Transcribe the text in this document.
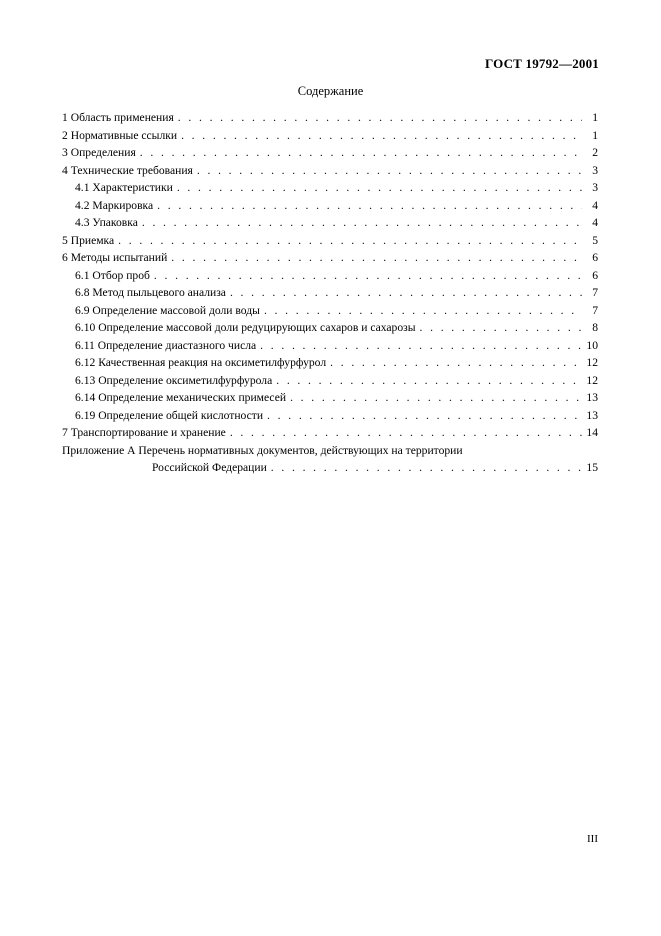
ГОСТ 19792—2001
Содержание
1 Область применения . . .	1
2 Нормативные ссылки . . .	1
3 Определения . . .	2
4 Технические требования . . .	3
4.1 Характеристики . . .	3
4.2 Маркировка . . .	4
4.3 Упаковка . . .	4
5 Приемка . . .	5
6 Методы испытаний . . .	6
6.1 Отбор проб . . .	6
6.8 Метод пыльцевого анализа . . .	7
6.9 Определение массовой доли воды . . .	7
6.10 Определение массовой доли редуцирующих сахаров и сахарозы . . .	8
6.11 Определение диастазного числа . . .	10
6.12 Качественная реакция на оксиметилфурфурол . . .	12
6.13 Определение оксиметилфурфурола . . .	12
6.14 Определение механических примесей . . .	13
6.19 Определение общей кислотности . . .	13
7 Транспортирование и хранение . . .	14
Приложение А Перечень нормативных документов, действующих на территории
Российской Федерации . . .	15
III
